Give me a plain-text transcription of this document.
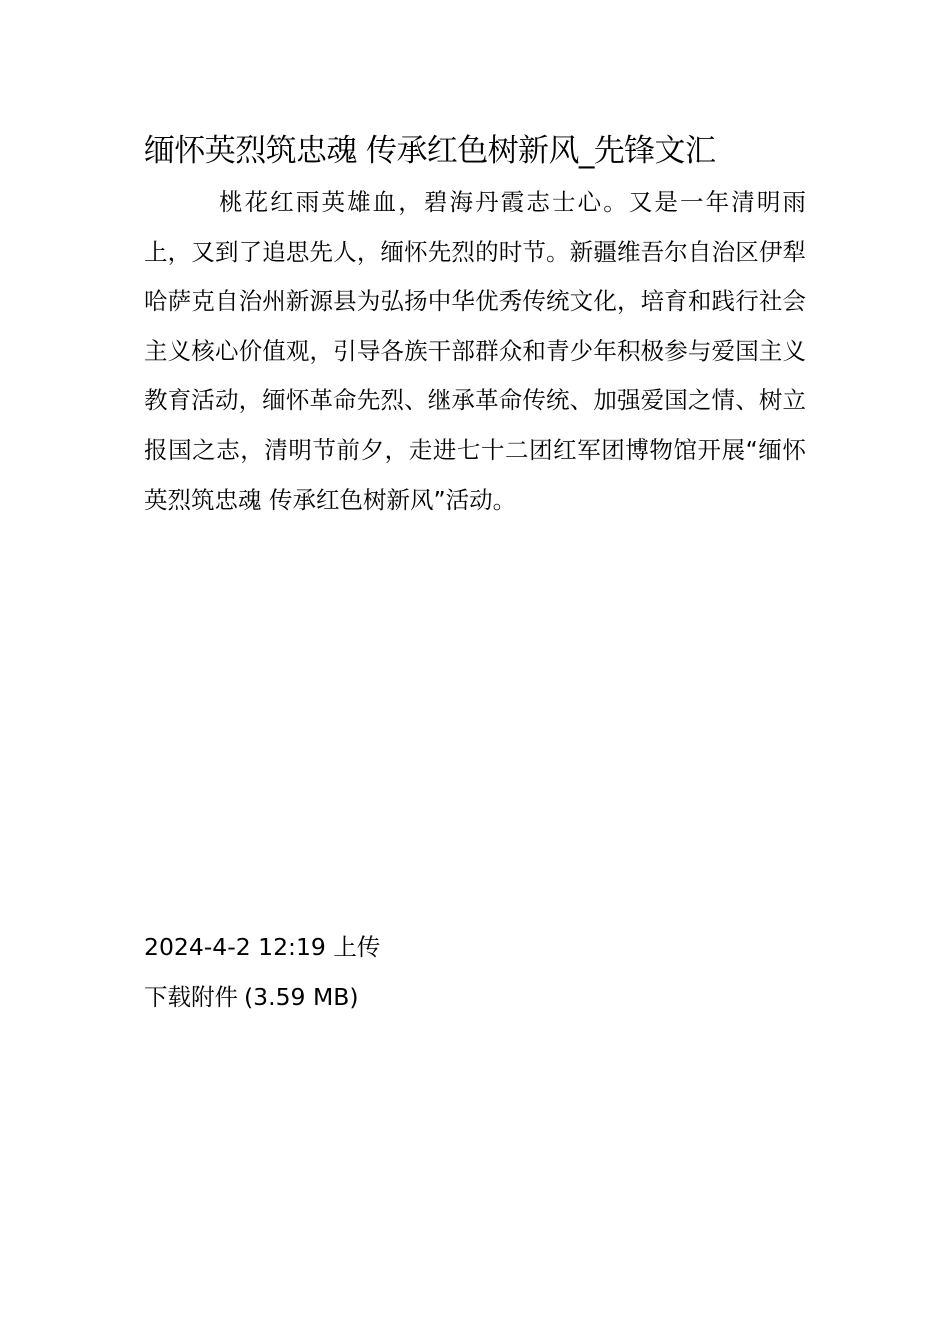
缅怀英烈筑忠魂 传承红色树新风_先锋文汇

桃花红雨英雄血，碧海丹霞志士心。又是一年清明雨上，又到了追思先人，缅怀先烈的时节。新疆维吾尔自治区伊犁哈萨克自治州新源县为弘扬中华优秀传统文化，培育和践行社会主义核心价值观，引导各族干部群众和青少年积极参与爱国主义教育活动，缅怀革命先烈、继承革命传统、加强爱国之情、树立报国之志，清明节前夕，走进七十二团红军团博物馆开展“缅怀英烈筑忠魂 传承红色树新风”活动。

2024-4-2 12:19 上传

下载附件 (3.59 MB)
